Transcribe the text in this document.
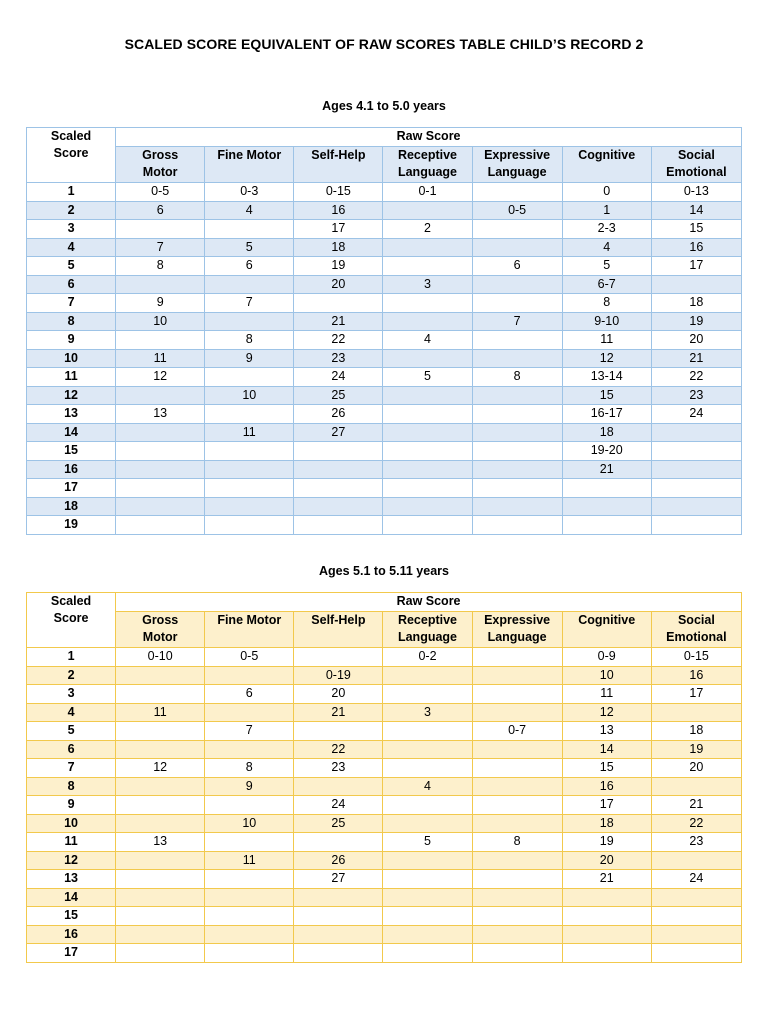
SCALED SCORE EQUIVALENT OF RAW SCORES TABLE CHILD’S RECORD 2
Ages 4.1 to 5.0 years
Scaled
Score	Raw Score						
	Gross
Motor	Fine Motor	Self-Help	Receptive
Language	Expressive
Language	Cognitive	Social
Emotional
1	0-5	0-3	0-15	0-1		0	0-13
2	6	4	16		0-5	1	14
3			17	2		2-3	15
4	7	5	18			4	16
5	8	6	19		6	5	17
6			20	3		6-7	
7	9	7				8	18
8	10		21		7	9-10	19
9		8	22	4		11	20
10	11	9	23			12	21
11	12		24	5	8	13-14	22
12		10	25			15	23
13	13		26			16-17	24
14		11	27			18	
15						19-20	
16						21	
17							
18							
19							
Ages 5.1 to 5.11 years
Scaled
Score	Raw Score						
	Gross
Motor	Fine Motor	Self-Help	Receptive
Language	Expressive
Language	Cognitive	Social
Emotional
1	0-10	0-5		0-2		0-9	0-15
2			0-19			10	16
3		6	20			11	17
4	11		21	3		12	
5		7			0-7	13	18
6			22			14	19
7	12	8	23			15	20
8		9		4		16	
9			24			17	21
10		10	25			18	22
11	13			5	8	19	23
12		11	26			20	
13			27			21	24
14							
15							
16							
17							
